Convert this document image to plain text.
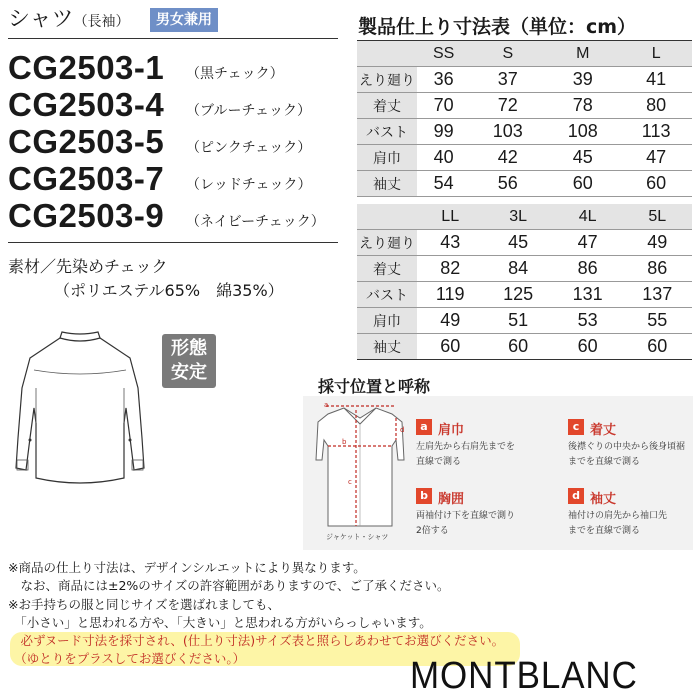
シャツ（長袖）	男女兼用
CG2503-1 （黒チェック）
CG2503-4 （ブルーチェック）
CG2503-5 （ピンクチェック）
CG2503-7 （レッドチェック）
CG2503-9 （ネイビーチェック）
素材／先染めチェック
（ポリエステル65%　綿35%）
形態
安定
製品仕上り寸法表（単位：cm）
	SS	S	M	L
えり廻り	36	37	39	41
着丈	70	72	78	80
バスト	99	103	108	113
肩巾	40	42	45	47
袖丈	54	56	60	60
	LL	3L	4L	5L
えり廻り	43	45	47	49
着丈	82	84	86	86
バスト	119	125	131	137
肩巾	49	51	53	55
袖丈	60	60	60	60
採寸位置と呼称
a
b
c
d
ジャケット・シャツ
a 肩巾
左肩先から右肩先までを
直線で測る
b 胸囲
両袖付け下を直線で測り
2倍する
c 着丈
後襟ぐりの中央から後身頃裾
までを直線で測る
d 袖丈
袖付けの肩先から袖口先
までを直線で測る
※商品の仕上り寸法は、デザインシルエットにより異なります。
　なお、商品には±2%のサイズの許容範囲がありますので、ご了承ください。
※お手持ちの服と同じサイズを選ばれましても、
　「小さい」と思われる方や、「大きい」と思われる方がいらっしゃいます。
　必ずヌード寸法を採寸され、(仕上り寸法)サイズ表と照らしあわせてお選びください。
　（ゆとりをプラスしてお選びください。）	MONTBLANC
